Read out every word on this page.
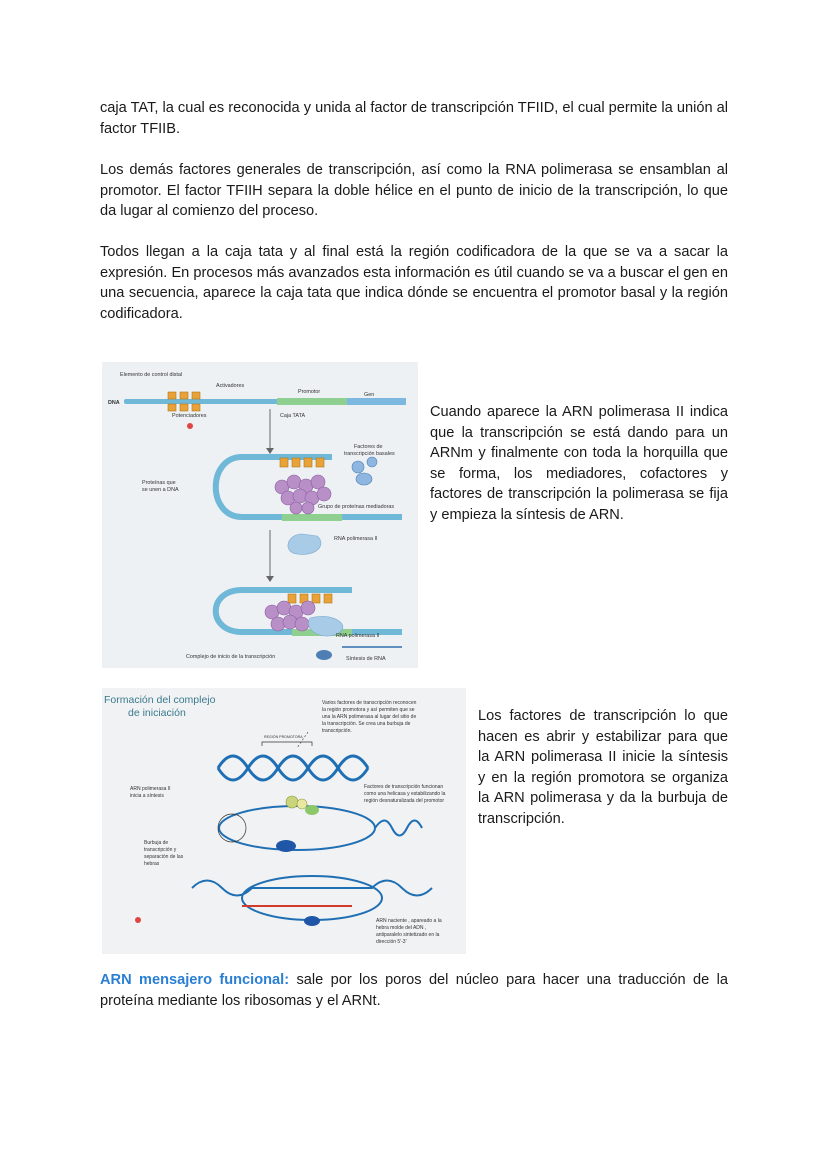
caja TAT, la cual es reconocida y unida al factor de transcripción TFIID, el cual permite la unión al factor TFIIB.

Los demás factores generales de transcripción, así como la RNA polimerasa se ensamblan al promotor. El factor TFIIH separa la doble hélice en el punto de inicio de la transcripción, lo que da lugar al comienzo del proceso.

Todos llegan a la caja tata y al final está la región codificadora de la que se va a sacar la expresión. En procesos más avanzados esta información es útil cuando se va a buscar el gen en una secuencia, aparece la caja tata que indica dónde se encuentra el promotor basal y la región codificadora.

Elemento de control distal
Activadores
Promotor	Gen
DNA
Potenciadores	Caja TATA
Factores de
transcripción basales
Proteínas que
se unen a DNA
Grupo de proteínas mediadoras
RNA polimerasa II
RNA polimerasa II
Complejo de inicio de la transcripción	Síntesis de RNA

Cuando aparece la ARN polimerasa II indica que la transcripción se está dando para un ARNm y finalmente con toda la horquilla que se forma, los mediadores, cofactores y factores de transcripción la polimerasa se fija y empieza la síntesis de ARN.

Formación del complejo
de iniciación
Varios factores de transcripción reconocen
la región promotora y así permiten que se
una la ARN polimerasa al lugar del sitio de
la transcripción. Se crea una burbuja de
transcripción.
REGIÓN PROMOTORA
ARN polimerasa II
inicia a síntesis
Factores de transcripción funcionan
como una helicasa y estabilizando la
región desnaturalizada del promotor
Burbuja de
transcripción y
separación de las
hebras
ARN naciente , apareado a la
hebra molde del ADN ,
antiparalelo sintetizado en la
dirección 5'-3'

Los factores de transcripción lo que hacen es abrir y estabilizar para que la ARN polimerasa II inicie la síntesis y en la región promotora se organiza la ARN polimerasa y da la burbuja de transcripción.

ARN mensajero funcional: sale por los poros del núcleo para hacer una traducción de la proteína mediante los ribosomas y el ARNt.
